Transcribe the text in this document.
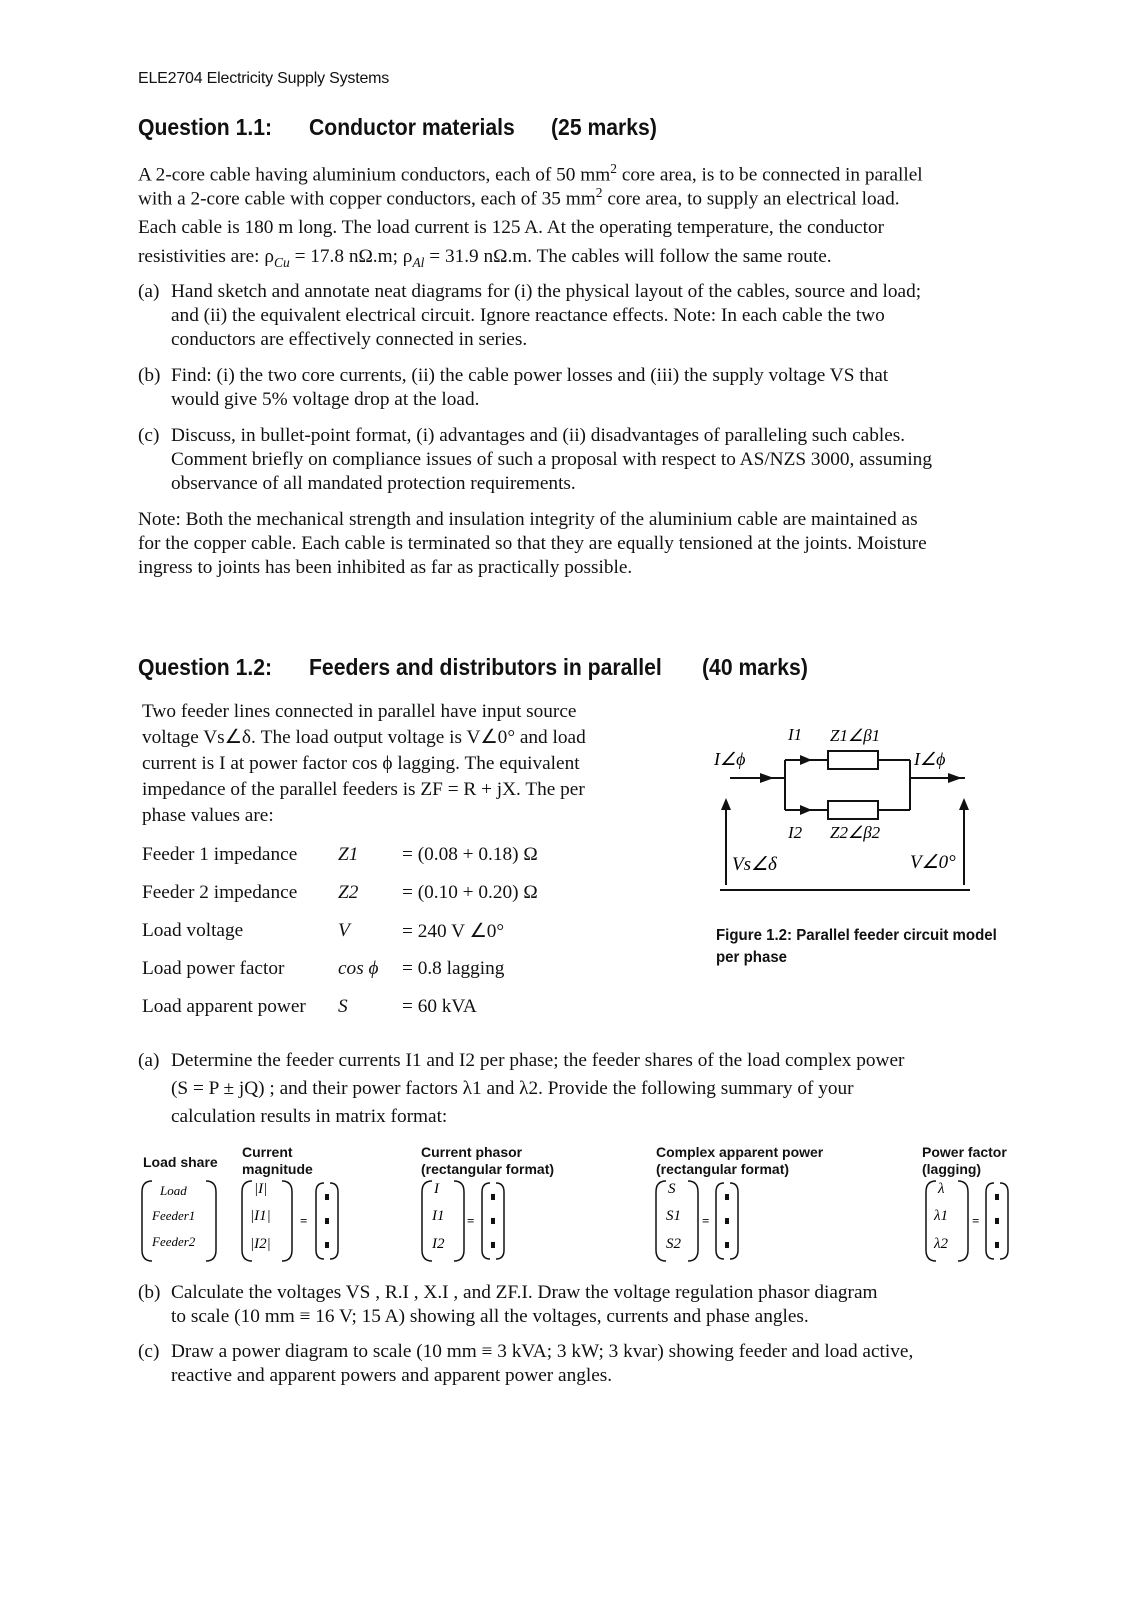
ELE2704 Electricity Supply Systems
Question 1.1: Conductor materials (25 marks)
A 2-core cable having aluminium conductors, each of 50 $mm^2$ core area, is to be connected in parallel
with a 2-core cable with copper conductors, each of 35 $mm^2$ core area, to supply an electrical load.
Each cable is 180 m long. The load current is 125 A. At the operating temperature, the conductor
resistivities are: $\rho_{Cu} = 17.8$ nΩ.m; $\rho_{Al} = 31.9$ nΩ.m. The cables will follow the same route.
(a) Hand sketch and annotate neat diagrams for (i) the physical layout of the cables, source and load;
and (ii) the equivalent electrical circuit. Ignore reactance effects. Note: In each cable the two
conductors are effectively connected in series.
(b) Find: (i) the two core currents, (ii) the cable power losses and (iii) the supply voltage VS that
would give 5% voltage drop at the load.
(c) Discuss, in bullet-point format, (i) advantages and (ii) disadvantages of paralleling such cables.
Comment briefly on compliance issues of such a proposal with respect to AS/NZS 3000, assuming
observance of all mandated protection requirements.
Note: Both the mechanical strength and insulation integrity of the aluminium cable are maintained as
for the copper cable. Each cable is terminated so that they are equally tensioned at the joints. Moisture
ingress to joints has been inhibited as far as practically possible.
Question 1.2: Feeders and distributors in parallel (40 marks)
Two feeder lines connected in parallel have input source
voltage Vs∠δ. The load output voltage is V∠0° and load
current is I at power factor cos ϕ lagging. The equivalent
impedance of the parallel feeders is ZF = R + jX. The per
phase values are:
Feeder 1 impedance	Z1	= (0.08 + 0.18) Ω
Feeder 2 impedance	Z2	= (0.10 + 0.20) Ω
Load voltage	V	= 240 V ∠0°
Load power factor	cos ϕ	= 0.8 lagging
Load apparent power	S	= 60 kVA
I∠ϕ	I∠ϕ
I1 Z1∠β1
I2 Z2∠β2
Vs∠δ	V∠0°
Figure 1.2: Parallel feeder circuit model
per phase
(a) Determine the feeder currents I1 and I2 per phase; the feeder shares of the load complex power
(S = P ± jQ) ; and their power factors λ1 and λ2. Provide the following summary of your
calculation results in matrix format:
Load share
Current magnitude
Current phasor (rectangular format)
Complex apparent power (rectangular format)
Power factor (lagging)
Load
Feeder1
Feeder2
|I|
|I1|
|I2|
I
I1
I2
S
S1
S2
λ
λ1
λ2
=	=	=	=
(b) Calculate the voltages VS , R.I , X.I , and ZF.I. Draw the voltage regulation phasor diagram
to scale (10 mm ≡ 16 V; 15 A) showing all the voltages, currents and phase angles.
(c) Draw a power diagram to scale (10 mm ≡ 3 kVA; 3 kW; 3 kvar) showing feeder and load active,
reactive and apparent powers and apparent power angles.
